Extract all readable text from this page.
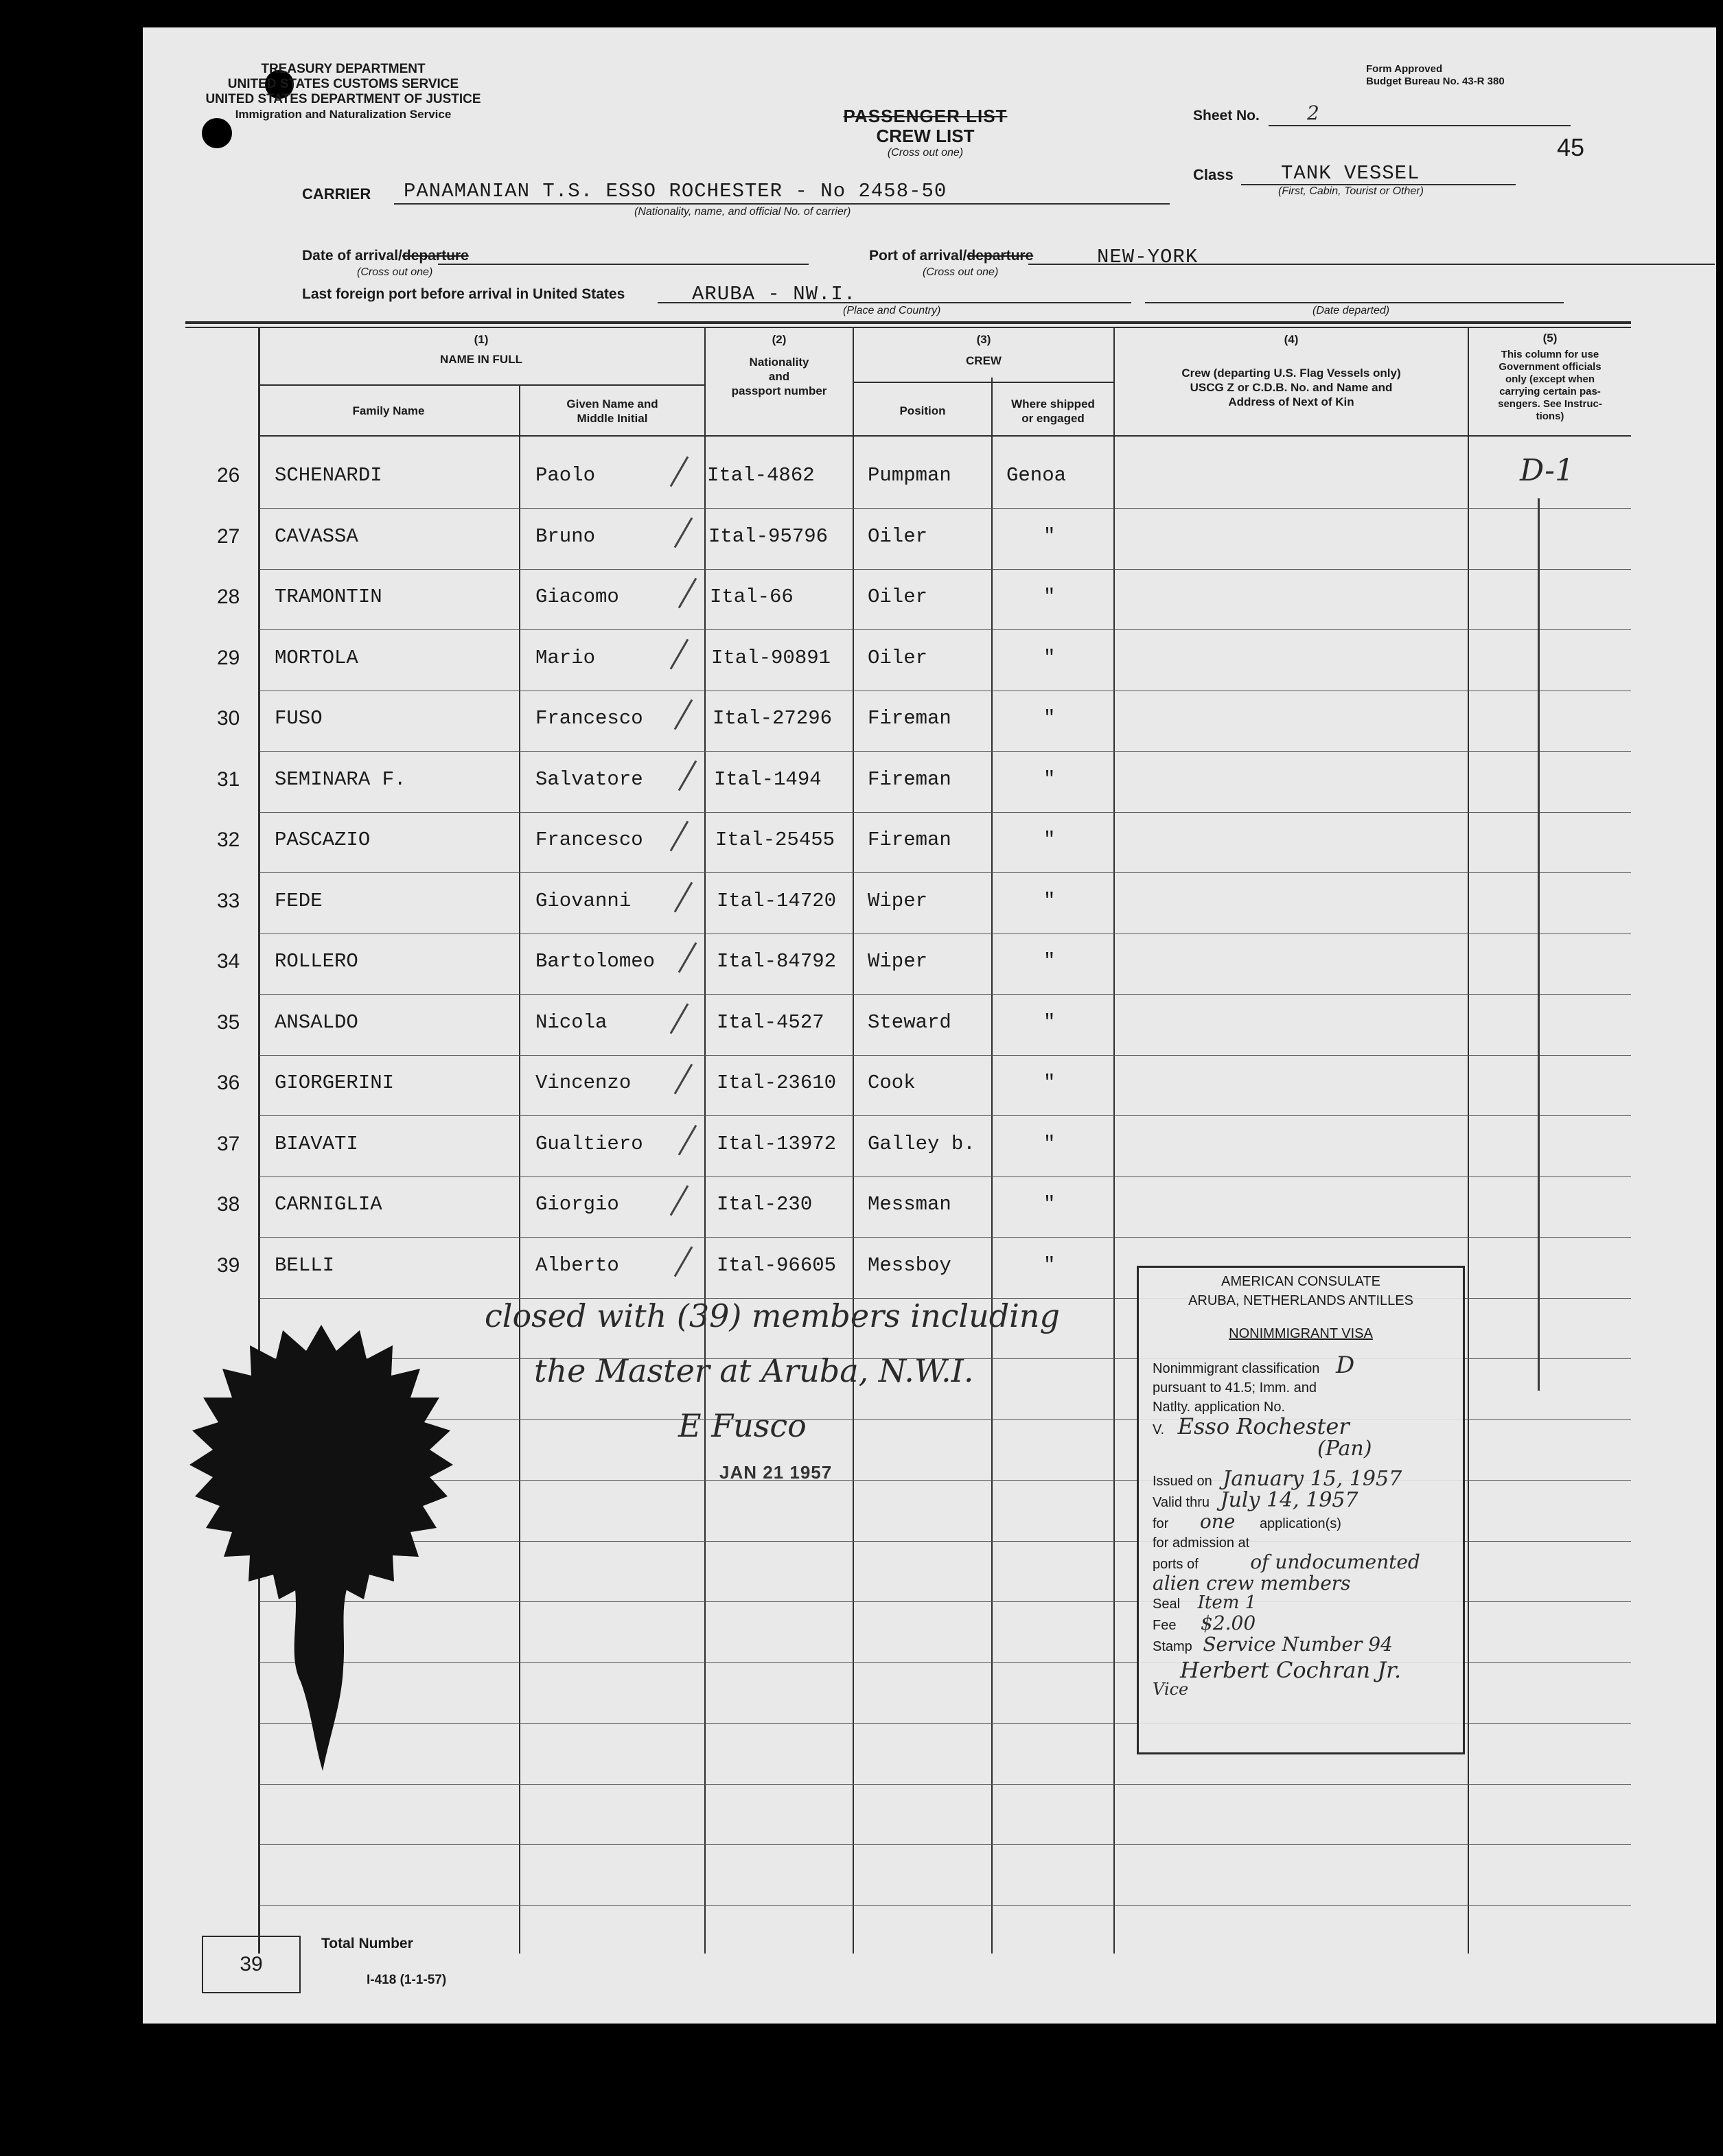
TREASURY DEPARTMENT
UNITED STATES CUSTOMS SERVICE
UNITED STATES DEPARTMENT OF JUSTICE
Immigration and Naturalization Service
Form Approved
Budget Bureau No. 43-R 380
PASSENGER LIST
CREW LIST
(Cross out one)
Sheet No. 2
45
CARRIER PANAMANIAN T.S. ESSO ROCHESTER - No 2458-50
(Nationality, name, and official No. of carrier)
Class TANK VESSEL
(First, Cabin, Tourist or Other)
Date of arrival/departure
(Cross out one)
Port of arrival/departure	NEW-YORK
(Cross out one)
Last foreign port before arrival in United States	ARUBA - NW.I.
(Place and Country)	(Date departed)
(1)
NAME IN FULL
Family Name
Given Name and
Middle Initial
(2)
Nationality
and
passport number
(3)
CREW
Position
Where shipped
or engaged
(4)
Crew (departing U.S. Flag Vessels only)
USCG Z or C.D.B. No. and Name and
Address of Next of Kin
(5)
This column for use
Government officials
only (except when
carrying certain pas-
sengers. See Instruc-
tions)
26 SCHENARDI	Paolo	Ital-4862	Pumpman	Genoa
27 CAVASSA	Bruno	Ital-95796 Oiler	"
28 TRAMONTIN	Giacomo	Ital-66	Oiler	"
29 MORTOLA	Mario	Ital-90891 Oiler	"
30 FUSO	Francesco	Ital-27296 Fireman	"
31 SEMINARA F.	Salvatore	Ital-1494 Fireman	"
32 PASCAZIO	Francesco	Ital-25455 Fireman	"
33 FEDE	Giovanni	Ital-14720 Wiper	"
34 ROLLERO	Bartolomeo	Ital-84792 Wiper	"
35 ANSALDO	Nicola	Ital-4527 Steward	"
36 GIORGERINI	Vincenzo	Ital-23610 Cook	"
37 BIAVATI	Gualtiero	Ital-13972 Galley b.	"
38 CARNIGLIA	Giorgio	Ital-230	Messman	"
39 BELLI	Alberto	Ital-96605 Messboy	"
D-1
closed with (39) members including
the Master at Aruba, N.W.I.
E Fusco
JAN 21 1957
AMERICAN CONSULATE
ARUBA, NETHERLANDS ANTILLES
NONIMMIGRANT VISA
Nonimmigrant classification D
pursuant to 41.5; Imm. and
Natlty. application No.
V. Esso Rochester
(Pan)
Issued on January 15, 1957
Valid thru July 14, 1957
for one application(s)
for admission at
ports of	of undocumented
alien crew members
Seal Item 1
Fee $2.00
Stamp Service Number 94
Herbert Cochran Jr.
Vice
39
Total Number
I-418 (1-1-57)
